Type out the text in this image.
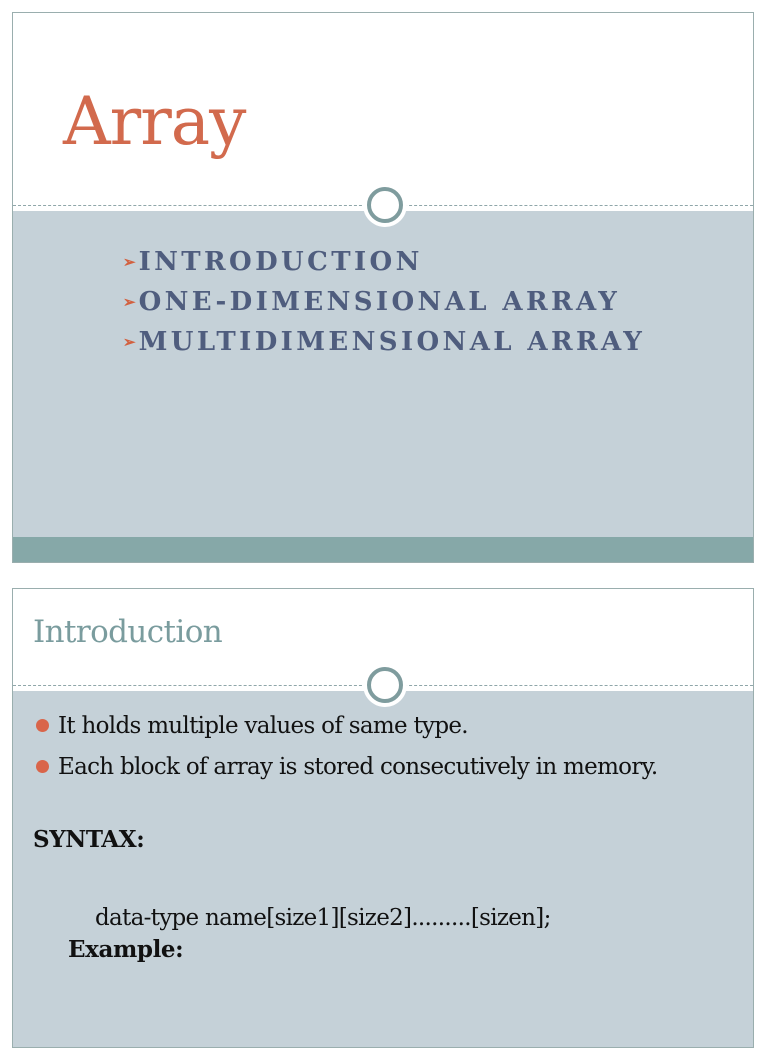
Array
➢ INTRODUCTION
➢ ONE-DIMENSIONAL ARRAY
➢ MULTIDIMENSIONAL ARRAY
Introduction
It holds multiple values of same type.
Each block of array is stored consecutively in memory.
SYNTAX:
data-type name[size1][size2].........[sizen];
Example:
